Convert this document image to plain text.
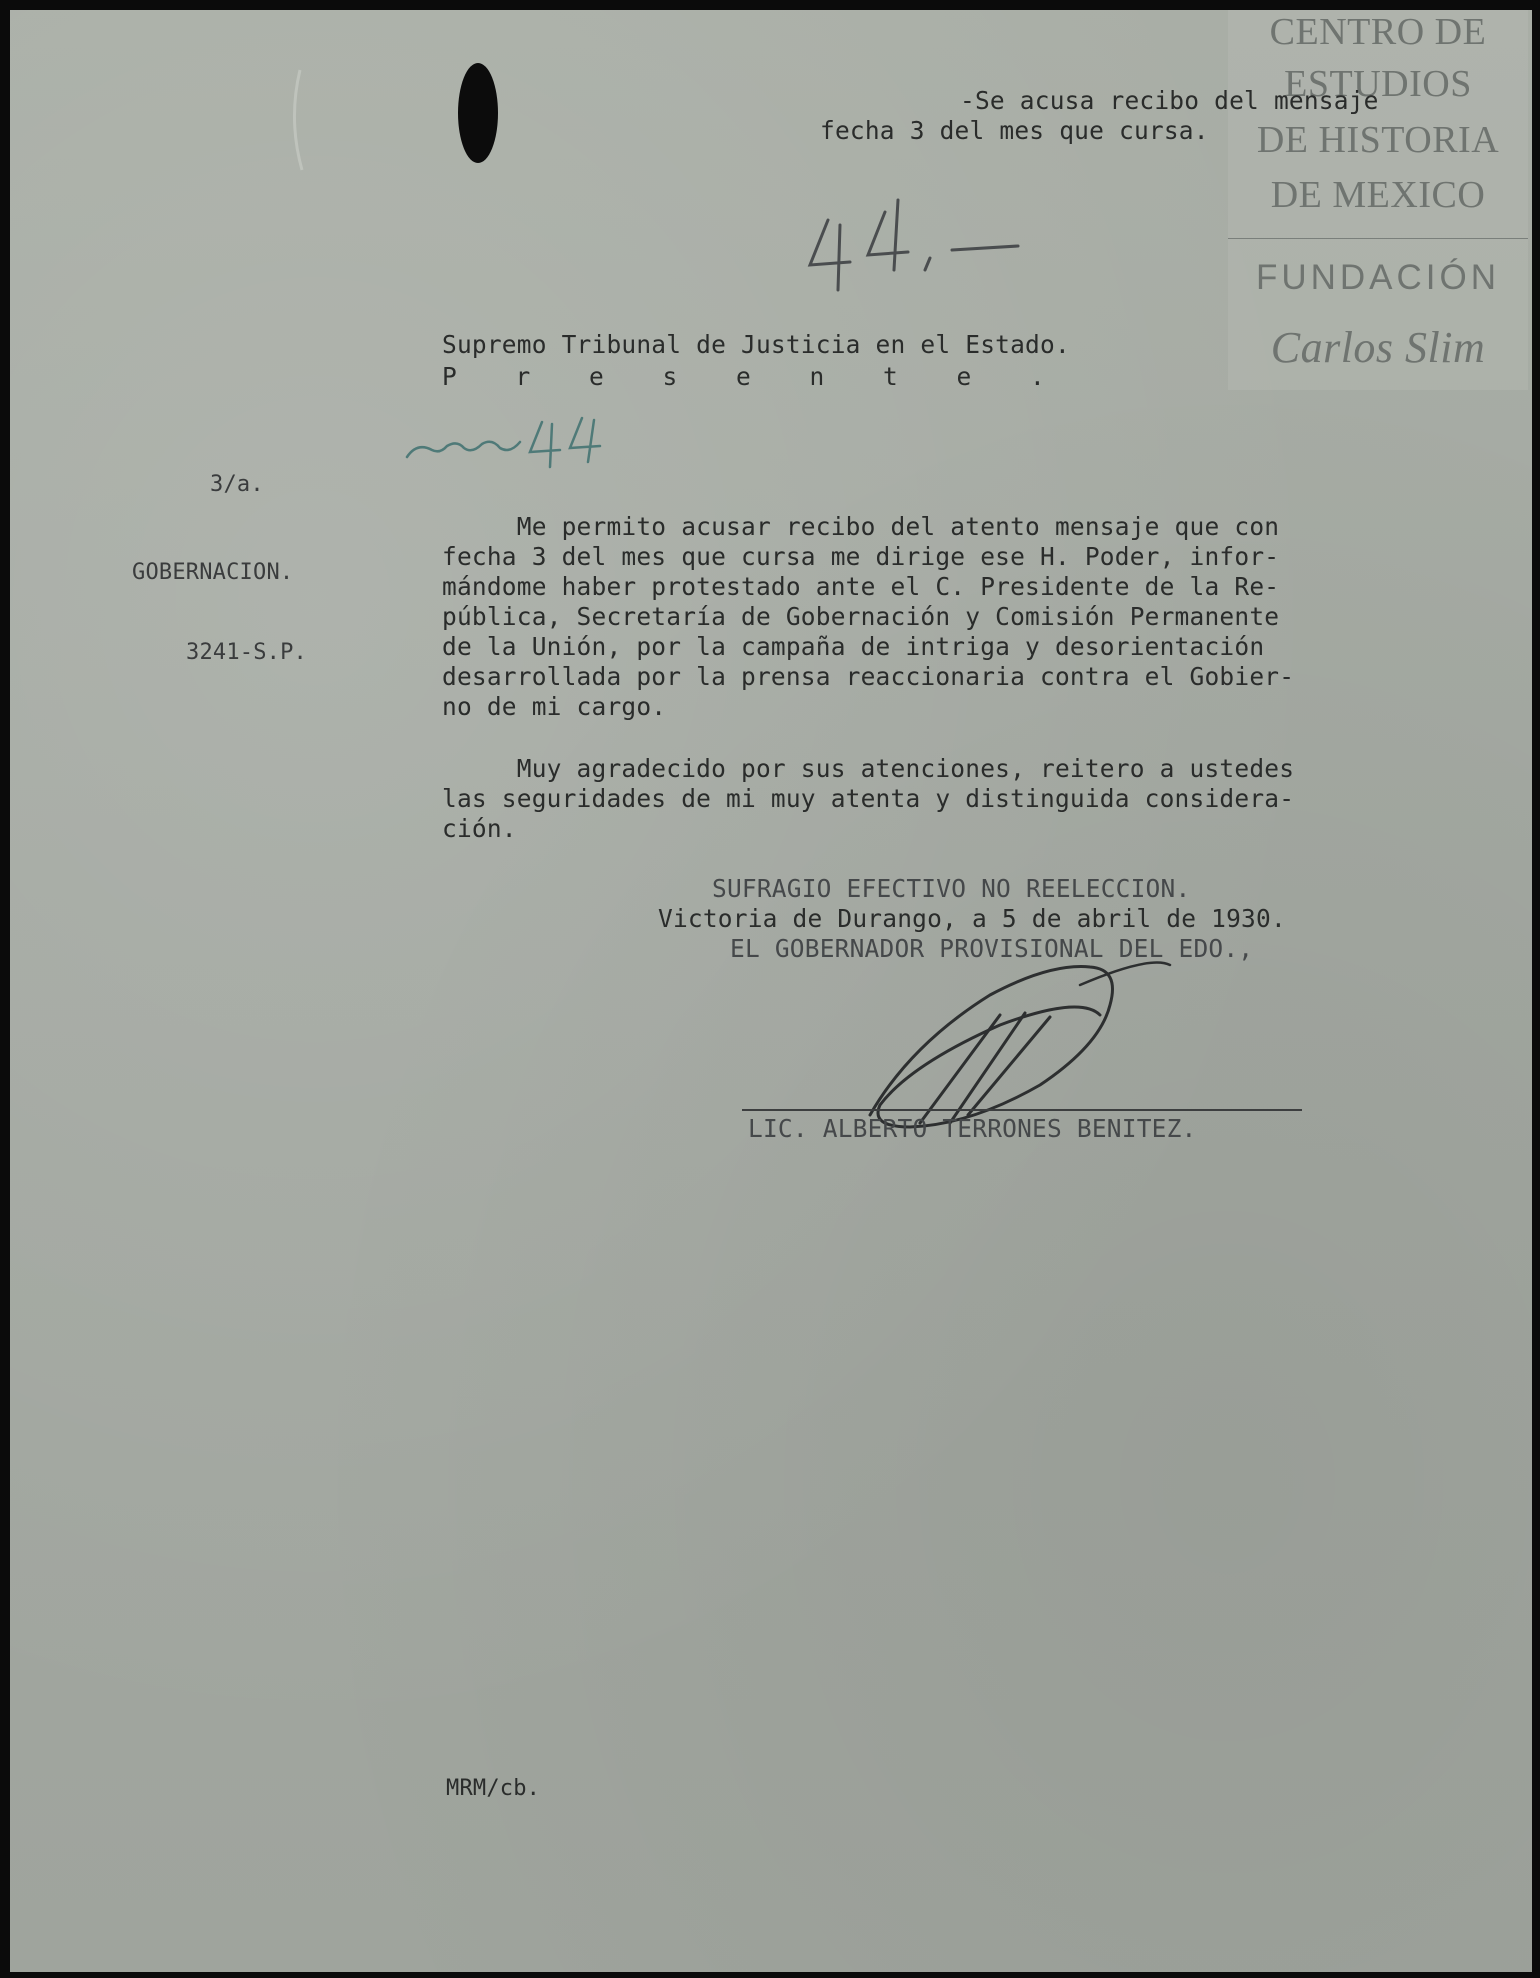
CENTRO DE
ESTUDIOS
DE HISTORIA
DE MEXICO
FUNDACIÓN
Carlos Slim

-Se acusa recibo del mensaje

fecha 3 del mes que cursa.

Supremo Tribunal de Justicia en el Estado.

P r e s e n t e .

3/a.

GOBERNACION.

3241-S.P.

Me permito acusar recibo del atento mensaje que con

fecha 3 del mes que cursa me dirige ese H. Poder, infor-

mándome haber protestado ante el C. Presidente de la Re-

pública, Secretaría de Gobernación y Comisión Permanente

de la Unión, por la campaña de intriga y desorientación

desarrollada por la prensa reaccionaria contra el Gobier-

no de mi cargo.

Muy agradecido por sus atenciones, reitero a ustedes

las seguridades de mi muy atenta y distinguida considera-

ción.

SUFRAGIO EFECTIVO NO REELECCION.

Victoria de Durango, a 5 de abril de 1930.

EL GOBERNADOR PROVISIONAL DEL EDO.,

LIC. ALBERTO TERRONES BENITEZ.

MRM/cb.
